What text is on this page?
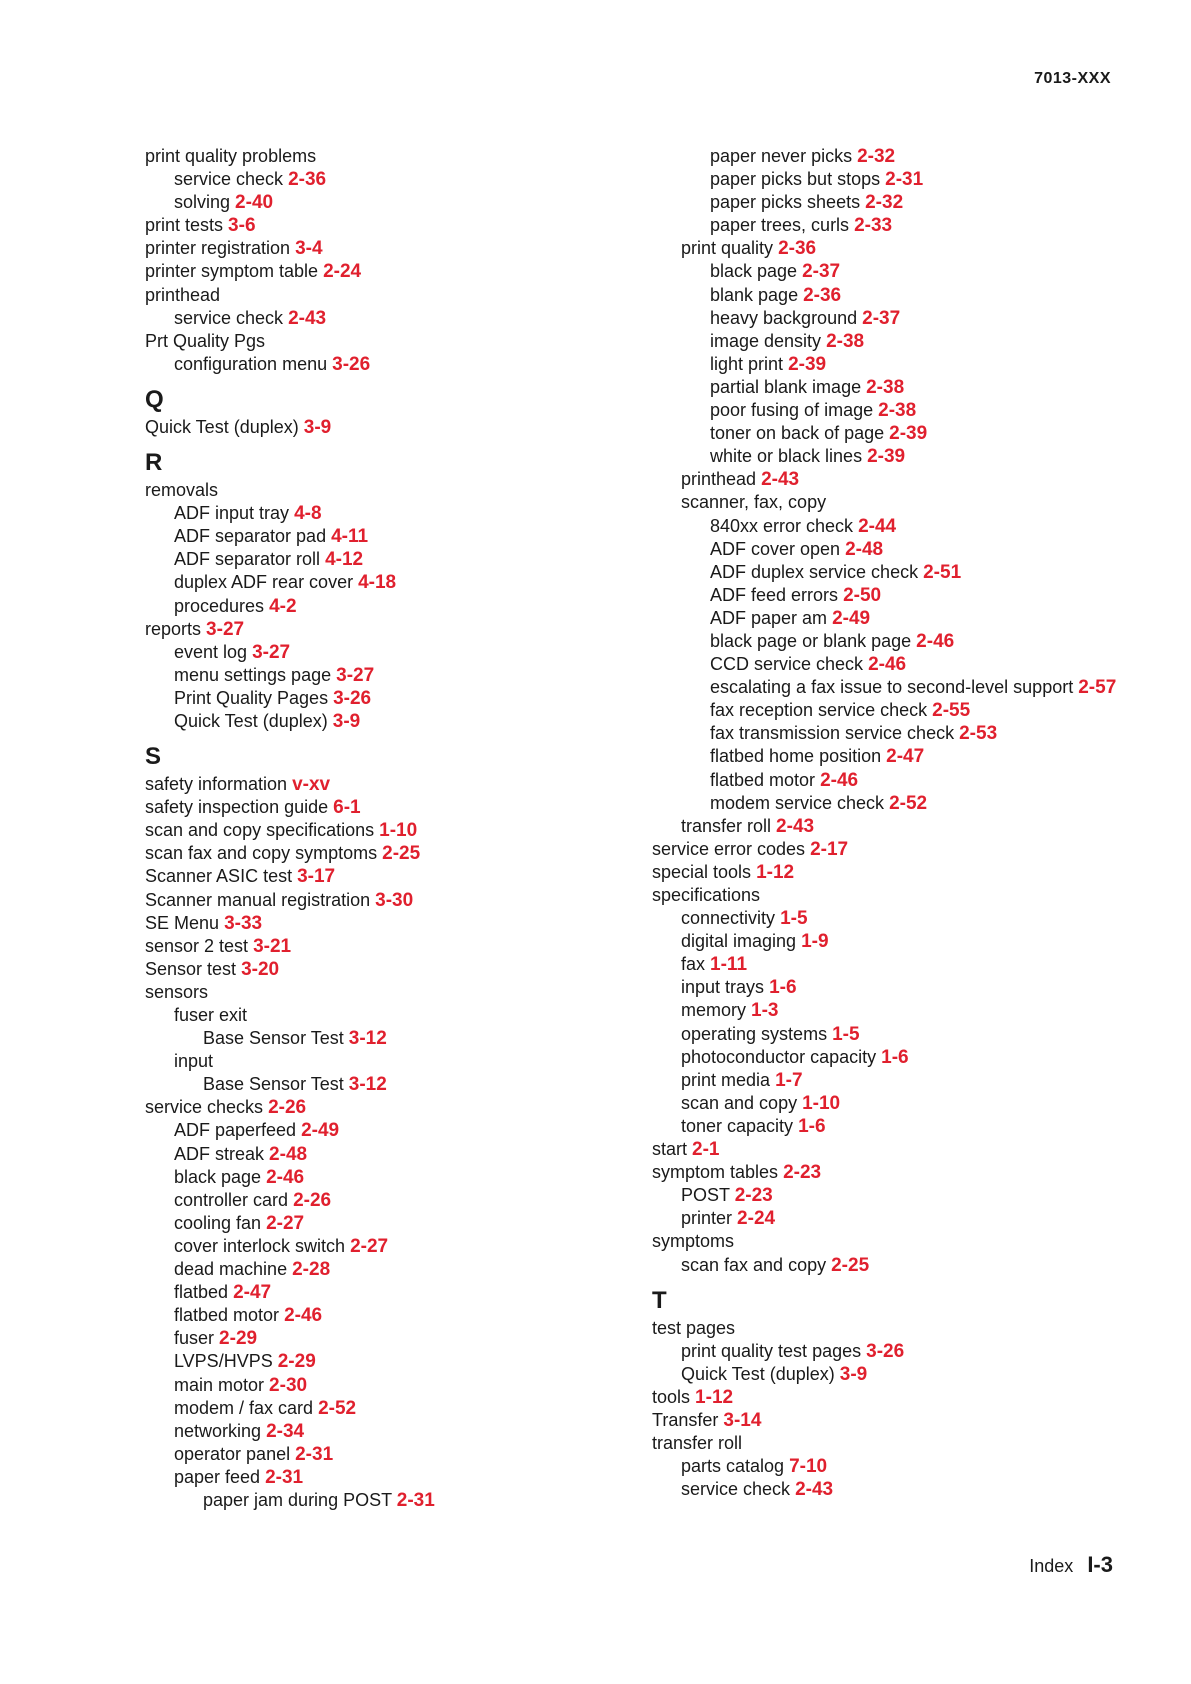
7013-XXX
print quality problems
service check 2-36
solving 2-40
print tests 3-6
printer registration 3-4
printer symptom table 2-24
printhead
service check 2-43
Prt Quality Pgs
configuration menu 3-26
Q
Quick Test (duplex) 3-9
R
removals
ADF input tray 4-8
ADF separator pad 4-11
ADF separator roll 4-12
duplex ADF rear cover 4-18
procedures 4-2
reports 3-27
event log 3-27
menu settings page 3-27
Print Quality Pages 3-26
Quick Test (duplex) 3-9
S
safety information v-xv
safety inspection guide 6-1
scan and copy specifications 1-10
scan fax and copy symptoms 2-25
Scanner ASIC test 3-17
Scanner manual registration 3-30
SE Menu 3-33
sensor 2 test 3-21
Sensor test 3-20
sensors
fuser exit
Base Sensor Test 3-12
input
Base Sensor Test 3-12
service checks 2-26
ADF paperfeed 2-49
ADF streak 2-48
black page 2-46
controller card 2-26
cooling fan 2-27
cover interlock switch 2-27
dead machine 2-28
flatbed 2-47
flatbed motor 2-46
fuser 2-29
LVPS/HVPS 2-29
main motor 2-30
modem / fax card 2-52
networking 2-34
operator panel 2-31
paper feed 2-31
paper jam during POST 2-31
paper never picks 2-32
paper picks but stops 2-31
paper picks sheets 2-32
paper trees, curls 2-33
print quality 2-36
black page 2-37
blank page 2-36
heavy background 2-37
image density 2-38
light print 2-39
partial blank image 2-38
poor fusing of image 2-38
toner on back of page 2-39
white or black lines 2-39
printhead 2-43
scanner, fax, copy
840xx error check 2-44
ADF cover open 2-48
ADF duplex service check 2-51
ADF feed errors 2-50
ADF paper am 2-49
black page or blank page 2-46
CCD service check 2-46
escalating a fax issue to second-level support 2-57
fax reception service check 2-55
fax transmission service check 2-53
flatbed home position 2-47
flatbed motor 2-46
modem service check 2-52
transfer roll 2-43
service error codes 2-17
special tools 1-12
specifications
connectivity 1-5
digital imaging 1-9
fax 1-11
input trays 1-6
memory 1-3
operating systems 1-5
photoconductor capacity 1-6
print media 1-7
scan and copy 1-10
toner capacity 1-6
start 2-1
symptom tables 2-23
POST 2-23
printer 2-24
symptoms
scan fax and copy 2-25
T
test pages
print quality test pages 3-26
Quick Test (duplex) 3-9
tools 1-12
Transfer 3-14
transfer roll
parts catalog 7-10
service check 2-43
Index I-3
